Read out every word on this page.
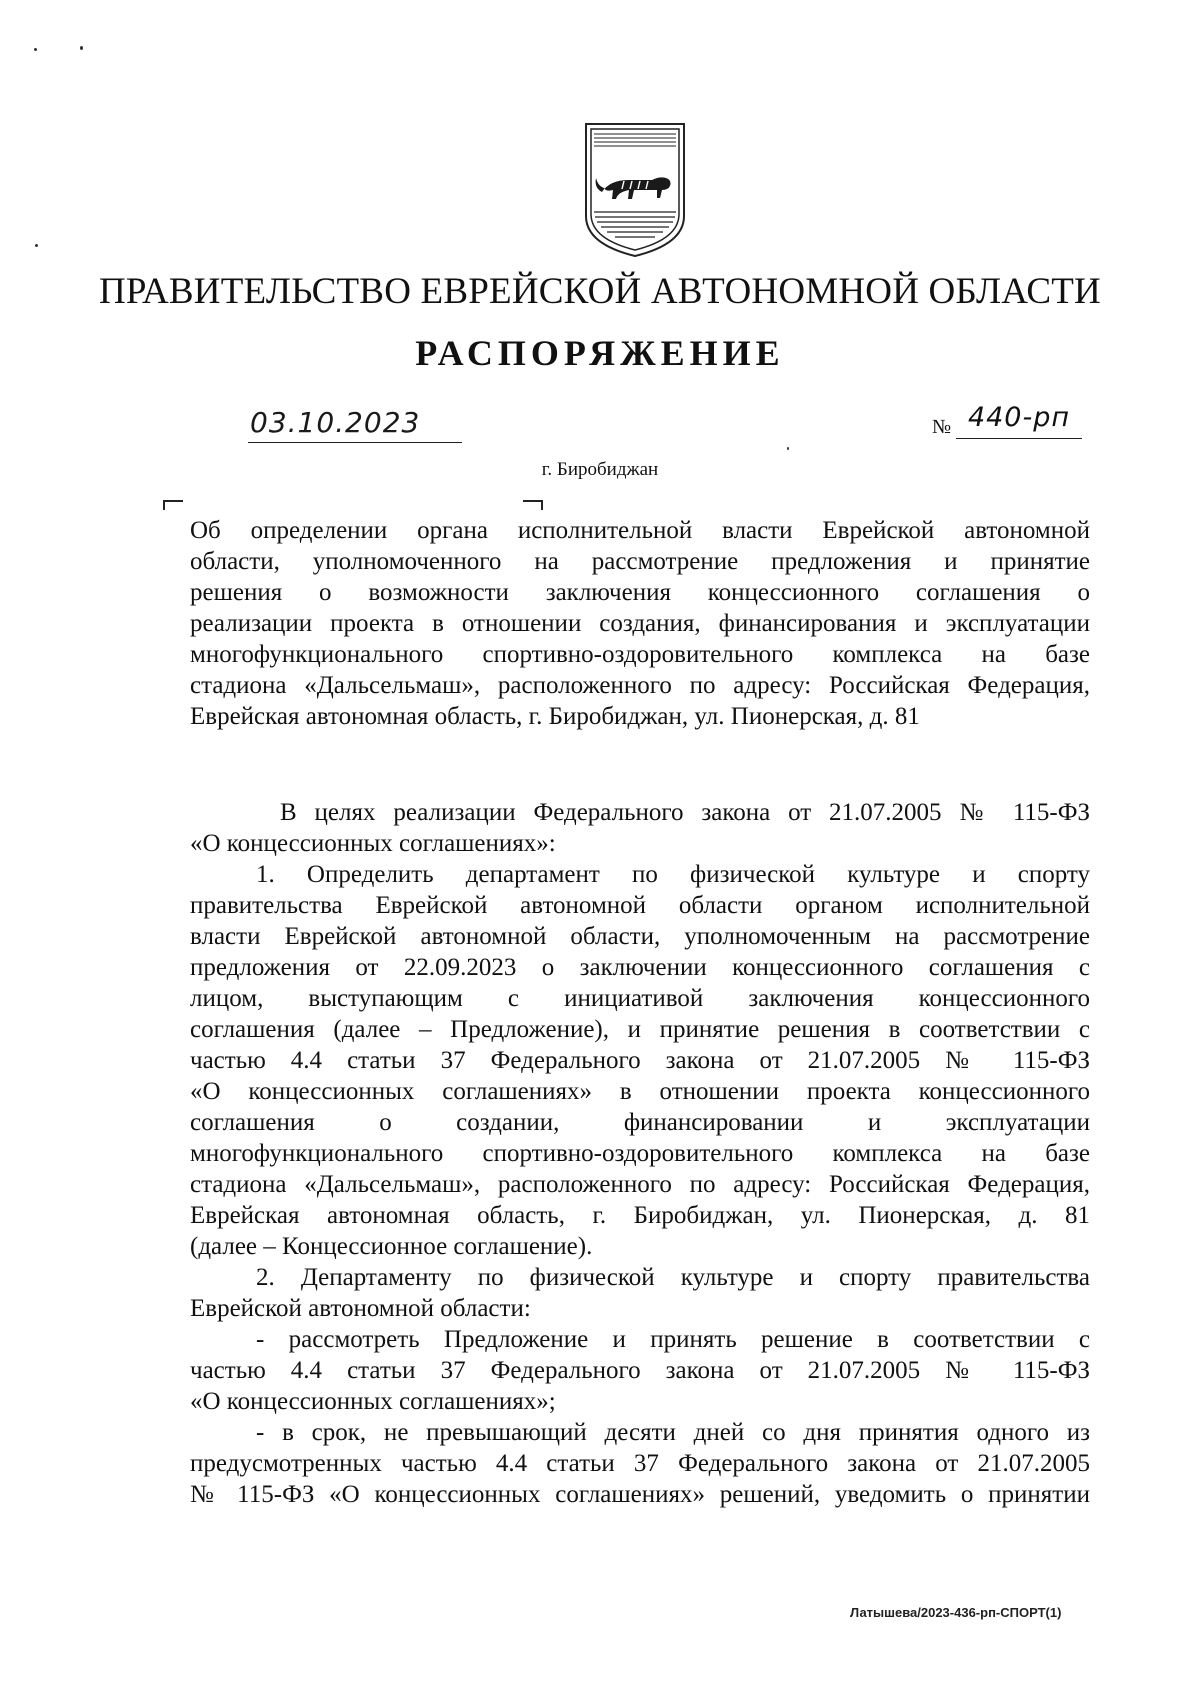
ПРАВИТЕЛЬСТВО ЕВРЕЙСКОЙ АВТОНОМНОЙ ОБЛАСТИ
РАСПОРЯЖЕНИЕ
03.10.2023	№ 440-рп
г. Биробиджан
Об определении органа исполнительной власти Еврейской автономной
области, уполномоченного на рассмотрение предложения и принятие
решения о возможности заключения концессионного соглашения о
реализации проекта в отношении создания, финансирования и эксплуатации
многофункционального спортивно-оздоровительного комплекса на базе
стадиона «Дальсельмаш», расположенного по адресу: Российская Федерация,
Еврейская автономная область, г. Биробиджан, ул. Пионерская, д. 81
В целях реализации Федерального закона от 21.07.2005 № 115-ФЗ
«О концессионных соглашениях»:
1. Определить департамент по физической культуре и спорту
правительства Еврейской автономной области органом исполнительной
власти Еврейской автономной области, уполномоченным на рассмотрение
предложения от 22.09.2023 о заключении концессионного соглашения с
лицом, выступающим с инициативой заключения концессионного
соглашения (далее – Предложение), и принятие решения в соответствии с
частью 4.4 статьи 37 Федерального закона от 21.07.2005 № 115-ФЗ
«О концессионных соглашениях» в отношении проекта концессионного
соглашения о создании, финансировании и эксплуатации
многофункционального спортивно-оздоровительного комплекса на базе
стадиона «Дальсельмаш», расположенного по адресу: Российская Федерация,
Еврейская автономная область, г. Биробиджан, ул. Пионерская, д. 81
(далее – Концессионное соглашение).
2. Департаменту по физической культуре и спорту правительства
Еврейской автономной области:
- рассмотреть Предложение и принять решение в соответствии с
частью 4.4 статьи 37 Федерального закона от 21.07.2005 № 115-ФЗ
«О концессионных соглашениях»;
- в срок, не превышающий десяти дней со дня принятия одного из
предусмотренных частью 4.4 статьи 37 Федерального закона от 21.07.2005
№ 115-ФЗ «О концессионных соглашениях» решений, уведомить о принятии
Латышева/2023-436-рп-СПОРТ(1)
